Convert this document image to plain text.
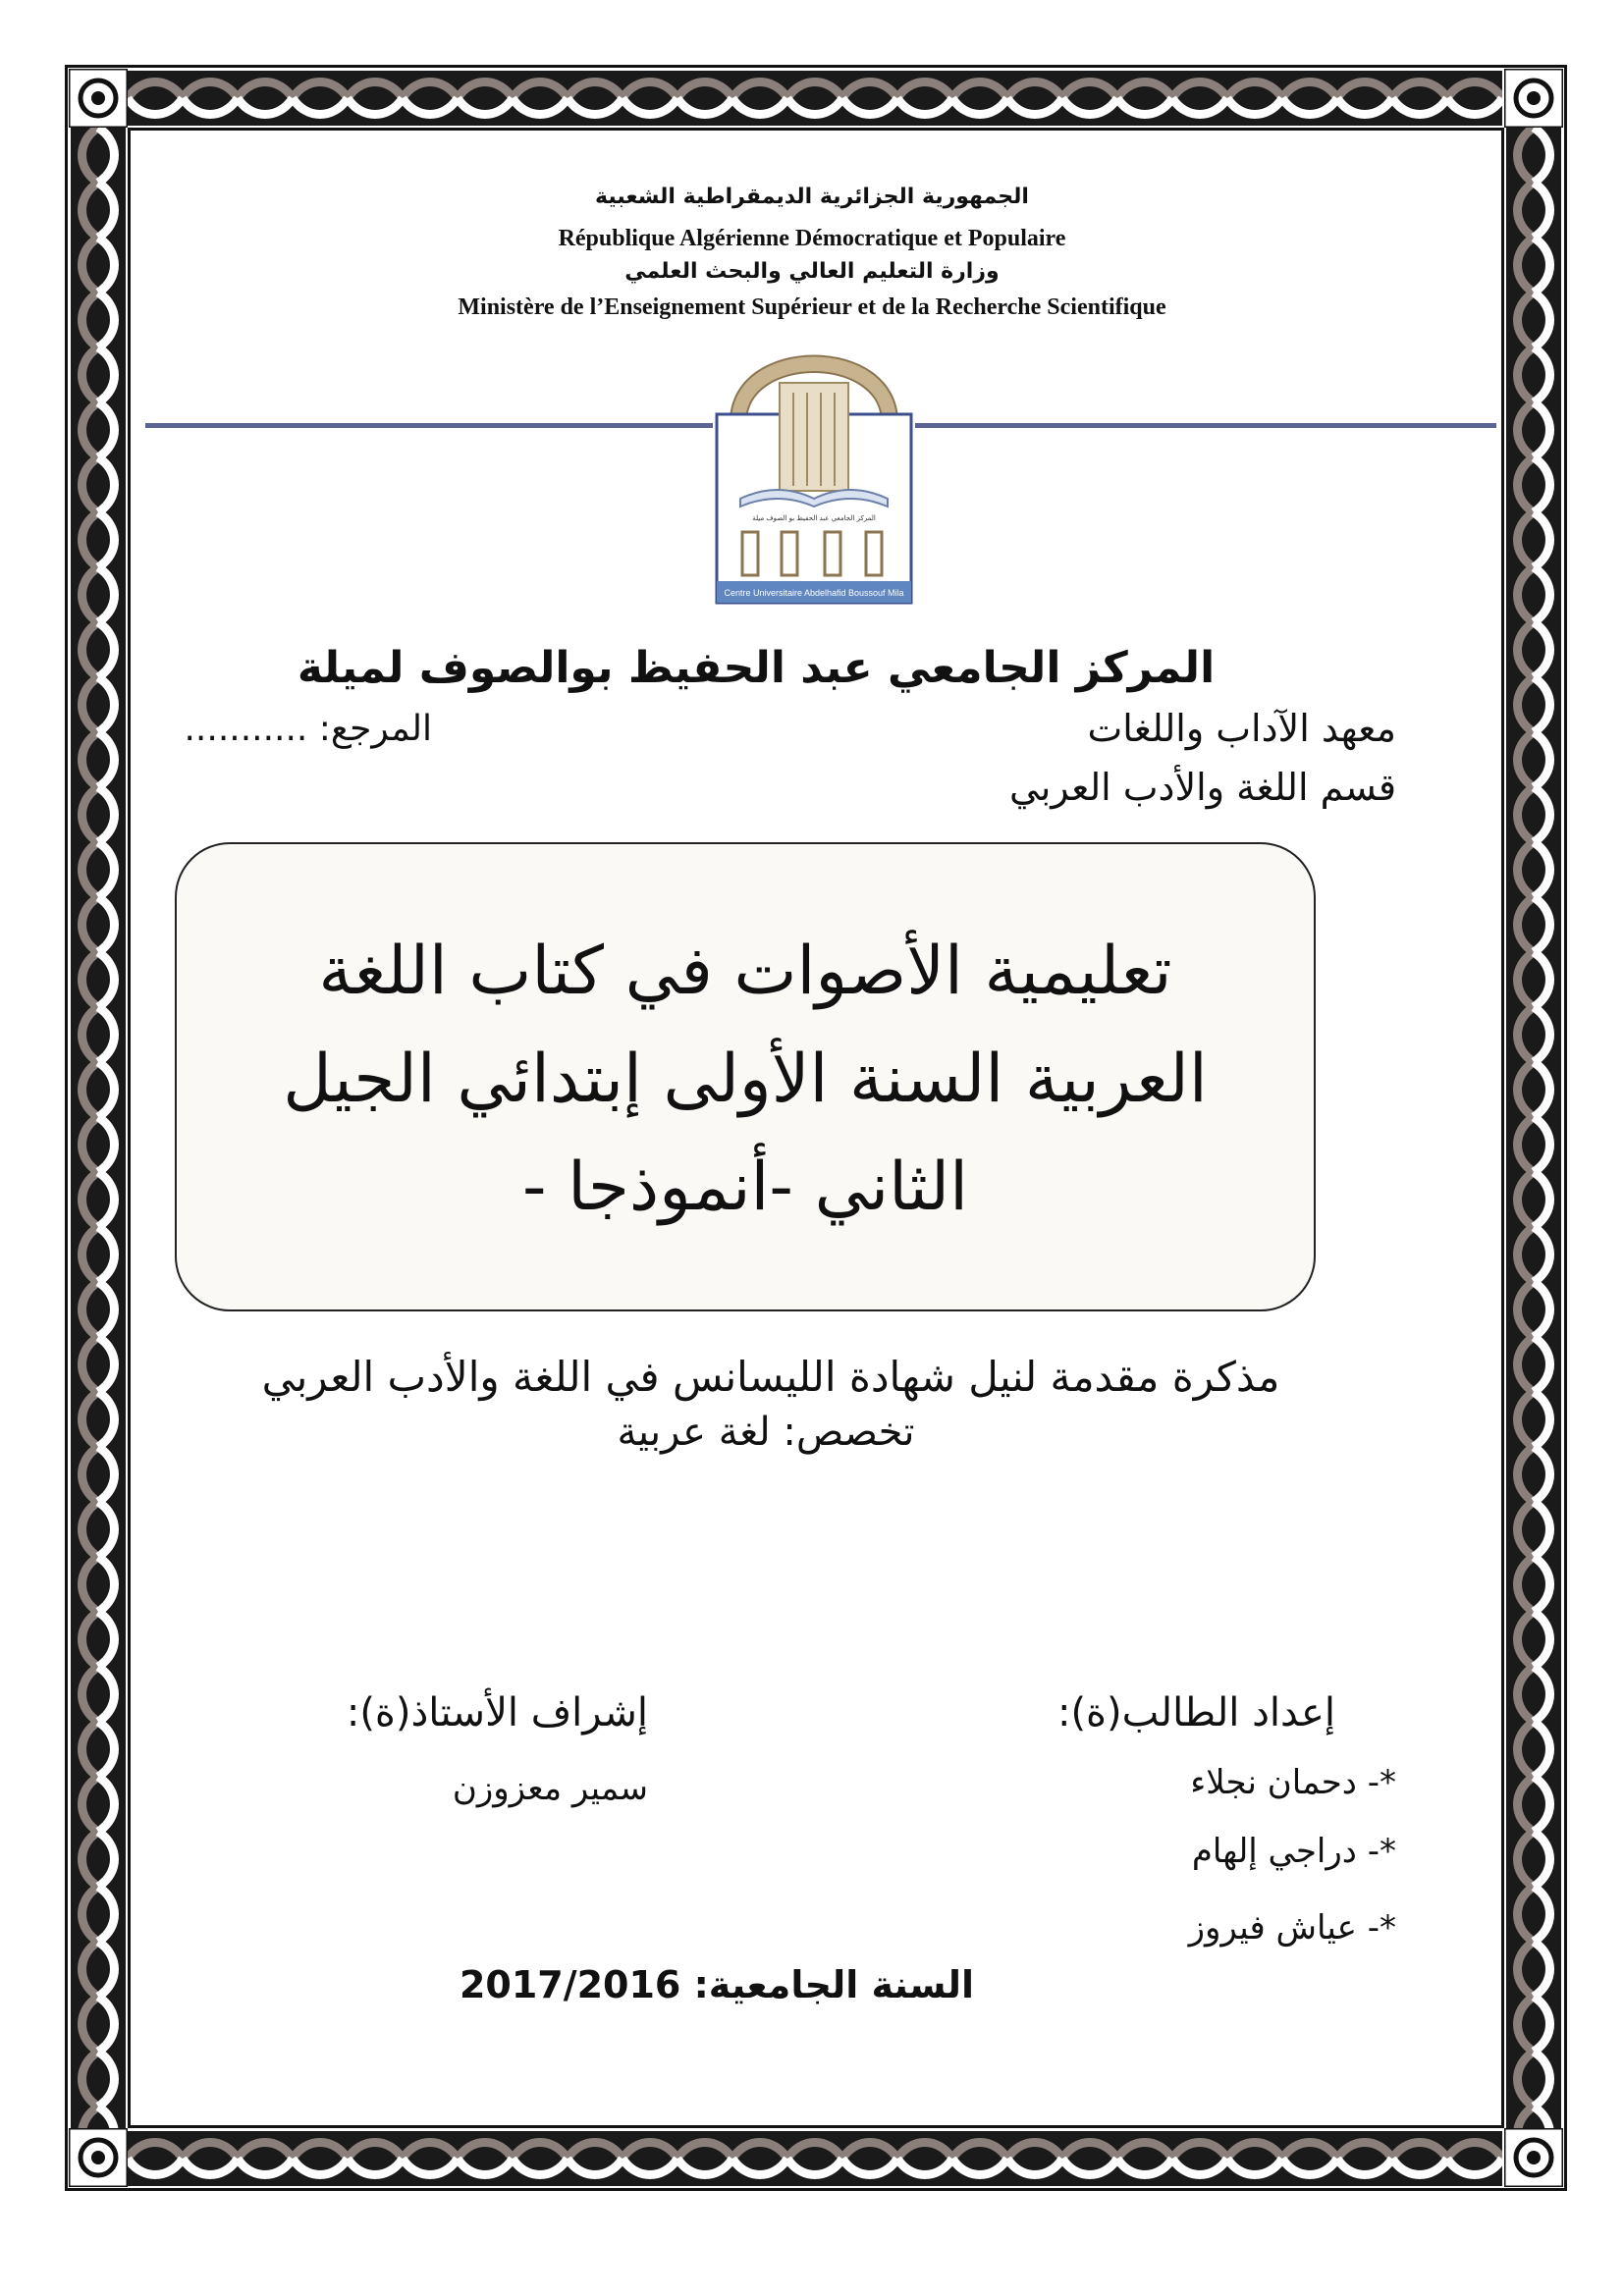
الجمهورية الجزائرية الديمقراطية الشعبية
République Algérienne Démocratique et Populaire
وزارة التعليم العالي والبحث العلمي
Ministère de l’Enseignement Supérieur et de la Recherche Scientifique
المركز الجامعي عبد الحفيظ بو الصوف ميلة
Centre Universitaire Abdelhafid Boussouf Mila
المركز الجامعي عبد الحفيظ بوالصوف لميلة
معهد الآداب واللغات
المرجع: ...........
قسم اللغة والأدب العربي
تعليمية الأصوات في كتاب اللغة
العربية السنة الأولى إبتدائي الجيل
الثاني -أنموذجا -
مذكرة مقدمة لنيل شهادة الليسانس في اللغة والأدب العربي
تخصص: لغة عربية
إعداد الطالب(ة):
*- دحمان نجلاء
*- دراجي إلهام
*- عياش فيروز
إشراف الأستاذ(ة):
سمير معزوزن
السنة الجامعية: 2017/2016
